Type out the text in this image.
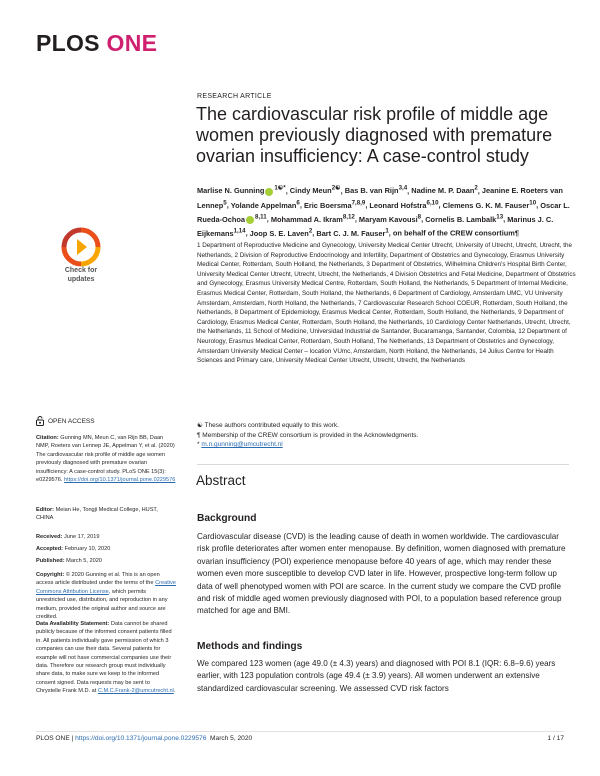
PLOS ONE
RESEARCH ARTICLE
The cardiovascular risk profile of middle age women previously diagnosed with premature ovarian insufficiency: A case-control study
Marlise N. Gunning $^{1☯*}$, Cindy Meun$^{2☯}$, Bas B. van Rijn$^{3,4}$, Nadine M. P. Daan$^2$, Jeanine E. Roeters van Lennep$^5$, Yolande Appelman$^6$, Eric Boersma$^{7,8,9}$, Leonard Hofstra$^{6,10}$, Clemens G. K. M. Fauser$^{10}$, Oscar L. Rueda-Ochoa $^{8,11}$, Mohammad A. Ikram$^{8,12}$, Maryam Kavousi$^8$, Cornelis B. Lambalk$^{13}$, Marinus J. C. Eijkemans$^{1,14}$, Joop S. E. Laven$^2$, Bart C. J. M. Fauser$^1$, on behalf of the CREW consortium¶
1 Department of Reproductive Medicine and Gynecology, University Medical Center Utrecht, University of Utrecht, Utrecht, Utrecht, the Netherlands, 2 Division of Reproductive Endocrinology and Infertility, Department of Obstetrics and Gynecology, Erasmus University Medical Center, Rotterdam, South Holland, the Netherlands, 3 Department of Obstetrics, Wilhelmina Children's Hospital Birth Center, University Medical Center Utrecht, Utrecht, Utrecht, the Netherlands, 4 Division Obstetrics and Fetal Medicine, Department of Obstetrics and Gynecology, Erasmus University Medical Centre, Rotterdam, South Holland, the Netherlands, 5 Department of Internal Medicine, Erasmus Medical Center, Rotterdam, South Holland, the Netherlands, 6 Department of Cardiology, Amsterdam UMC, VU University Amsterdam, Amsterdam, North Holland, the Netherlands, 7 Cardiovascular Research School COEUR, Rotterdam, South Holland, the Netherlands, 8 Department of Epidemiology, Erasmus Medical Center, Rotterdam, South Holland, the Netherlands, 9 Department of Cardiology, Erasmus Medical Center, Rotterdam, South Holland, the Netherlands, 10 Cardiology Center Netherlands, Utrecht, Utrecht, the Netherlands, 11 School of Medicine, Universidad Industrial de Santander, Bucaramanga, Santander, Colombia, 12 Department of Neurology, Erasmus Medical Center, Rotterdam, South Holland, The Netherlands, 13 Department of Obstetrics and Gynecology, Amsterdam University Medical Center – location VUmc, Amsterdam, North Holland, the Netherlands, 14 Julius Centre for Health Sciences and Primary care, University Medical Center Utrecht, Utrecht, Utrecht, the Netherlands
☯ These authors contributed equally to this work.
¶ Membership of the CREW consortium is provided in the Acknowledgments.
* m.n.gunning@umcutrecht.nl
Abstract
Background
Cardiovascular disease (CVD) is the leading cause of death in women worldwide. The cardiovascular risk profile deteriorates after women enter menopause. By definition, women diagnosed with premature ovarian insufficiency (POI) experience menopause before 40 years of age, which may render these women even more susceptible to develop CVD later in life. However, prospective long-term follow up data of well phenotyped women with POI are scarce. In the current study we compare the CVD profile and risk of middle aged women previously diagnosed with POI, to a population based reference group matched for age and BMI.
Methods and findings
We compared 123 women (age 49.0 (± 4.3) years) and diagnosed with POI 8.1 (IQR: 6.8–9.6) years earlier, with 123 population controls (age 49.4 (± 3.9) years). All women underwent an extensive standardized cardiovascular screening. We assessed CVD risk factors
Check for updates
OPEN ACCESS
Citation: Gunning MN, Meun C, van Rijn BB, Daan NMP, Roeters van Lennep JE, Appelman Y, et al. (2020) The cardiovascular risk profile of middle age women previously diagnosed with premature ovarian insufficiency: A case-control study. PLoS ONE 15(3): e0229576. https://doi.org/10.1371/journal.pone.0229576
Editor: Meian He, Tongji Medical College, HUST, CHINA
Received: June 17, 2019
Accepted: February 10, 2020
Published: March 5, 2020
Copyright: © 2020 Gunning et al. This is an open access article distributed under the terms of the Creative Commons Attribution License, which permits unrestricted use, distribution, and reproduction in any medium, provided the original author and source are credited.
Data Availability Statement: Data cannot be shared publicly because of the informed consent patients filled in. All patients individually gave permission of which 3 companies can use their data. Several patients for example will not have commercial companies use their data. Therefore our research group must individually share data, to make sure we keep to the informed consent signed. Data requests may be sent to Chrystelle Frank M.D. at C.M.C.Frank-2@umcutrecht.nl.
PLOS ONE | https://doi.org/10.1371/journal.pone.0229576 March 5, 2020	1 / 17
